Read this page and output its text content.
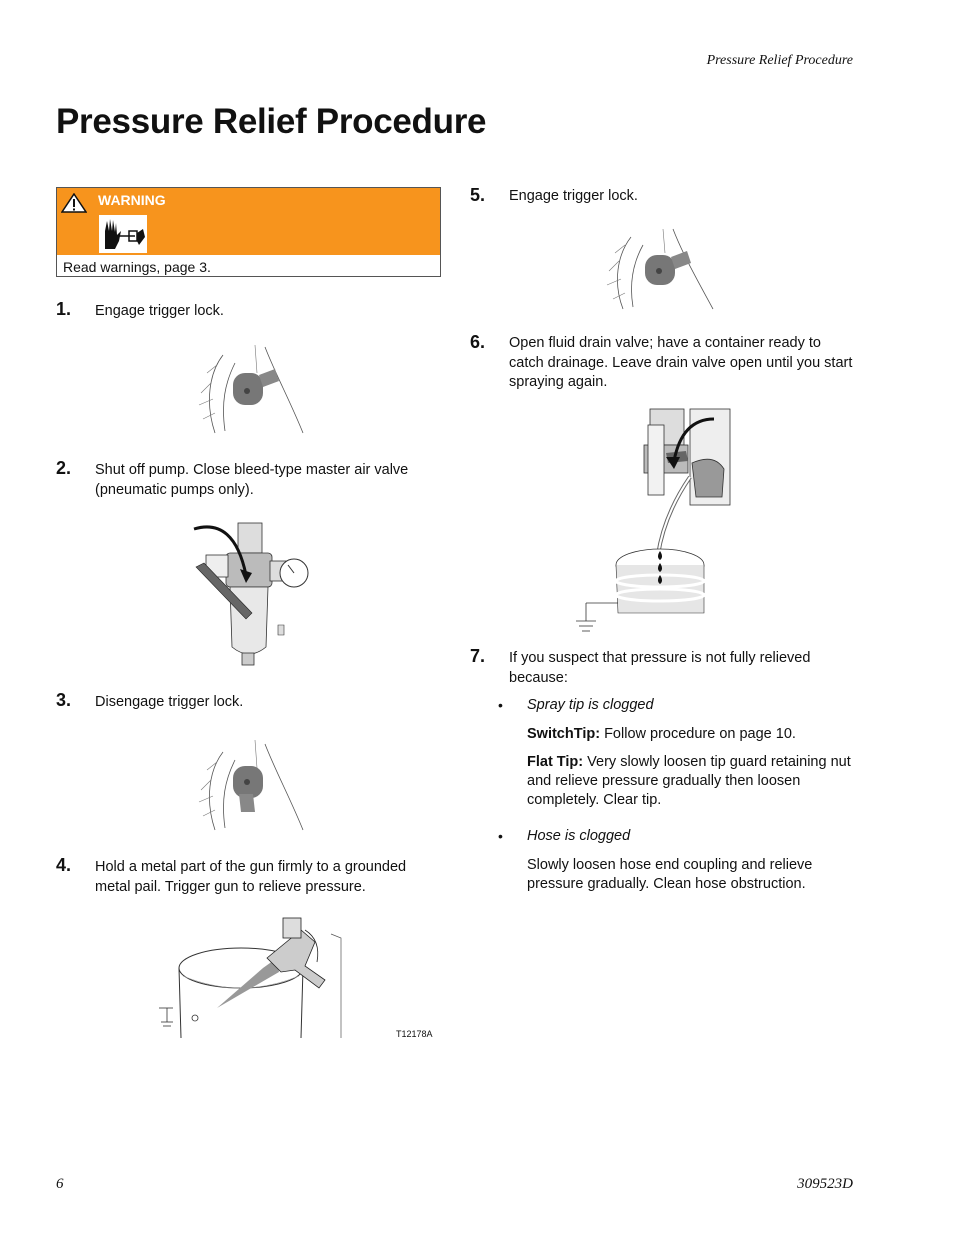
Pressure Relief Procedure
Pressure Relief Procedure
WARNING
Read warnings, page 3.
1. Engage trigger lock.
2. Shut off pump. Close bleed-type master air valve (pneumatic pumps only).
3. Disengage trigger lock.
4. Hold a metal part of the gun firmly to a grounded metal pail. Trigger gun to relieve pressure.
T12178A
5. Engage trigger lock.
6. Open fluid drain valve; have a container ready to catch drainage. Leave drain valve open until you start spraying again.
7. If you suspect that pressure is not fully relieved because:
• Spray tip is clogged
SwitchTip: Follow procedure on page 10.
Flat Tip: Very slowly loosen tip guard retaining nut and relieve pressure gradually then loosen completely. Clear tip.
• Hose is clogged
Slowly loosen hose end coupling and relieve pressure gradually. Clean hose obstruction.
6	309523D
